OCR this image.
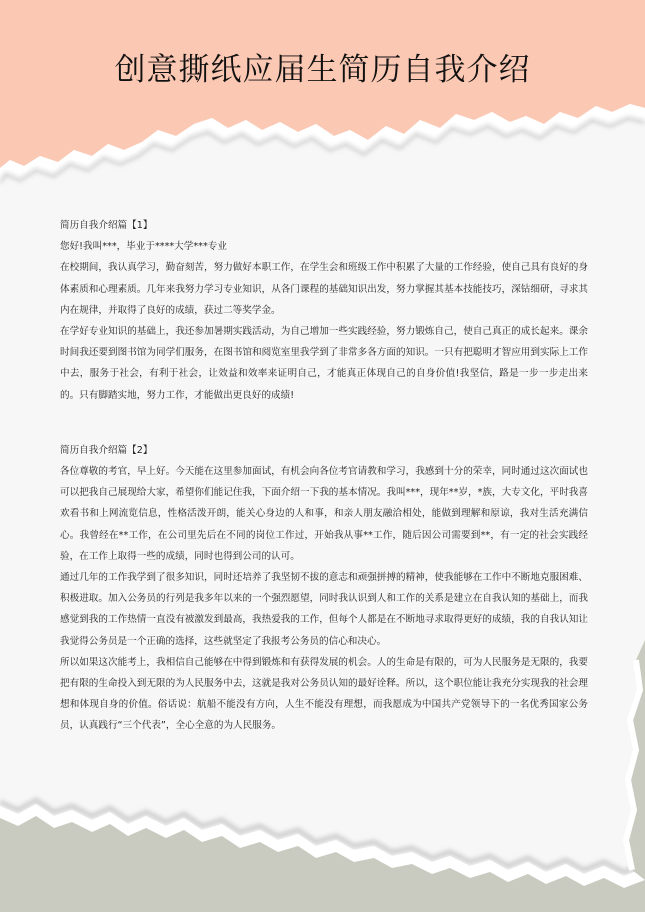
创意撕纸应届生简历自我介绍

简历自我介绍篇【1】

您好!我叫***，毕业于****大学***专业

在校期间，我认真学习，勤奋刻苦，努力做好本职工作，在学生会和班级工作中积累了大量的工作经验，使自己具有良好的身体素质和心理素质。几年来我努力学习专业知识，从各门课程的基础知识出发，努力掌握其基本技能技巧，深钻细研，寻求其内在规律，并取得了良好的成绩，获过二等奖学金。

在学好专业知识的基础上，我还参加暑期实践活动，为自己增加一些实践经验，努力锻炼自己，使自己真正的成长起来。课余时间我还要到图书馆为同学们服务，在图书馆和阅览室里我学到了非常多各方面的知识。一只有把聪明才智应用到实际上工作中去，服务于社会，有利于社会，让效益和效率来证明自己，才能真正体现自己的自身价值!我坚信，路是一步一步走出来的。只有脚踏实地，努力工作，才能做出更良好的成绩!

简历自我介绍篇【2】

各位尊敬的考官，早上好。今天能在这里参加面试，有机会向各位考官请教和学习，我感到十分的荣幸，同时通过这次面试也可以把我自己展现给大家，希望你们能记住我，下面介绍一下我的基本情况。我叫***，现年**岁，*族，大专文化，平时我喜欢看书和上网流览信息，性格活泼开朗，能关心身边的人和事，和亲人朋友融洽相处，能做到理解和原谅，我对生活充满信心。我曾经在**工作，在公司里先后在不同的岗位工作过，开始我从事**工作，随后因公司需要到**，有一定的社会实践经验，在工作上取得一些的成绩，同时也得到公司的认可。

通过几年的工作我学到了很多知识，同时还培养了我坚韧不拔的意志和顽强拼搏的精神，使我能够在工作中不断地克服困难、积极进取。加入公务员的行列是我多年以来的一个强烈愿望，同时我认识到人和工作的关系是建立在自我认知的基础上，而我感觉到我的工作热情一直没有被激发到最高，我热爱我的工作，但每个人都是在不断地寻求取得更好的成绩，我的自我认知让我觉得公务员是一个正确的选择，这些就坚定了我报考公务员的信心和决心。

所以如果这次能考上，我相信自己能够在中得到锻炼和有获得发展的机会。人的生命是有限的，可为人民服务是无限的，我要把有限的生命投入到无限的为人民服务中去，这就是我对公务员认知的最好诠释。所以，这个职位能让我充分实现我的社会理想和体现自身的价值。俗话说：航船不能没有方向，人生不能没有理想，而我愿成为中国共产党领导下的一名优秀国家公务员，认真践行“三个代表”，全心全意的为人民服务。
